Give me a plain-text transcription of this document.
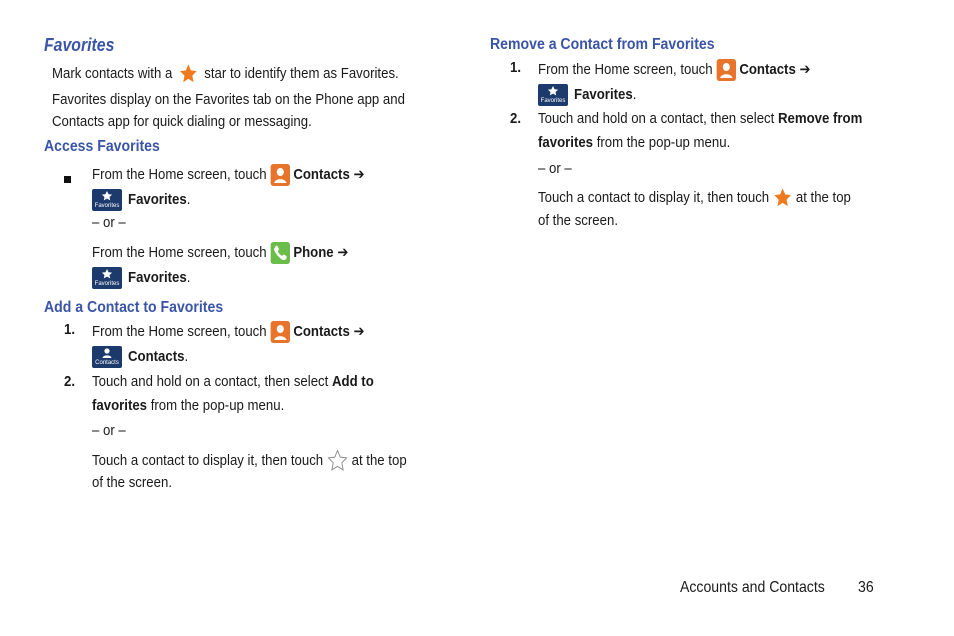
Favorites
Mark contacts with a star to identify them as Favorites.
Favorites display on the Favorites tab on the Phone app and
Contacts app for quick dialing or messaging.
Access Favorites
From the Home screen, touch Contacts ➔
Favorites Favorites.
– or –
From the Home screen, touch Phone ➔
Favorites Favorites.
Add a Contact to Favorites
1. From the Home screen, touch Contacts ➔
Contacts Contacts.
2. Touch and hold on a contact, then select Add to
favorites from the pop-up menu.
– or –
Touch a contact to display it, then touch at the top
of the screen.
Remove a Contact from Favorites
1. From the Home screen, touch Contacts ➔
Favorites Favorites.
2. Touch and hold on a contact, then select Remove from
favorites from the pop-up menu.
– or –
Touch a contact to display it, then touch at the top
of the screen.
Accounts and Contacts	36
